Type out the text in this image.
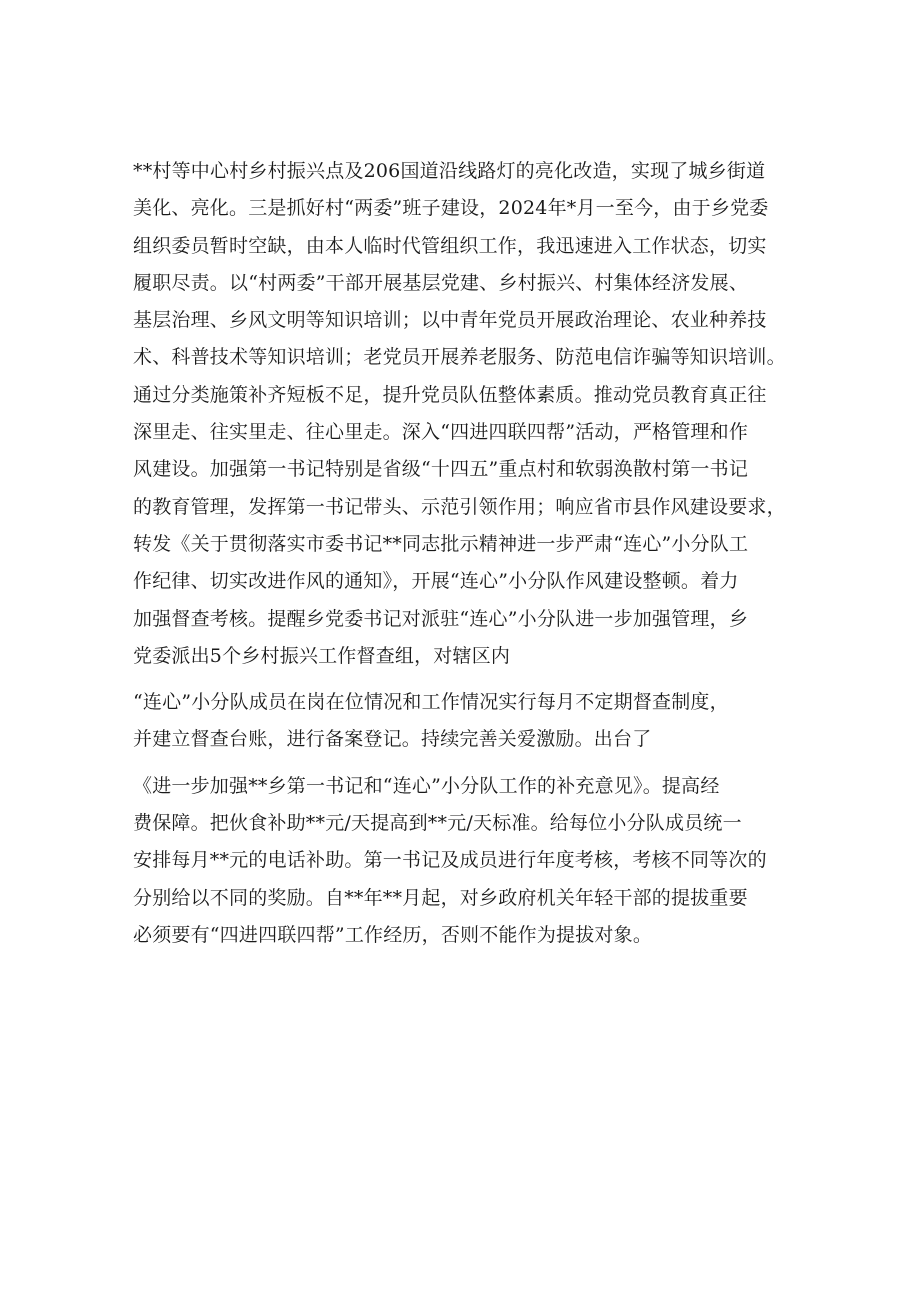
**村等中心村乡村振兴点及206国道沿线路灯的亮化改造，实现了城乡街道
美化、亮化。三是抓好村“两委”班子建设，2024年*月一至今，由于乡党委
组织委员暂时空缺，由本人临时代管组织工作，我迅速进入工作状态，切实
履职尽责。以“村两委”干部开展基层党建、乡村振兴、村集体经济发展、
基层治理、乡风文明等知识培训；以中青年党员开展政治理论、农业种养技
术、科普技术等知识培训；老党员开展养老服务、防范电信诈骗等知识培训。
通过分类施策补齐短板不足，提升党员队伍整体素质。推动党员教育真正往
深里走、往实里走、往心里走。深入“四进四联四帮”活动，严格管理和作
风建设。加强第一书记特别是省级“十四五”重点村和软弱涣散村第一书记
的教育管理，发挥第一书记带头、示范引领作用；响应省市县作风建设要求，
转发《关于贯彻落实市委书记**同志批示精神进一步严肃“连心”小分队工
作纪律、切实改进作风的通知》，开展“连心”小分队作风建设整顿。着力
加强督查考核。提醒乡党委书记对派驻“连心”小分队进一步加强管理，乡
党委派出5个乡村振兴工作督查组，对辖区内
“连心”小分队成员在岗在位情况和工作情况实行每月不定期督查制度，
并建立督查台账，进行备案登记。持续完善关爱激励。出台了
《进一步加强**乡第一书记和“连心”小分队工作的补充意见》。提高经
费保障。把伙食补助**元/天提高到**元/天标准。给每位小分队成员统一
安排每月**元的电话补助。第一书记及成员进行年度考核，考核不同等次的
分别给以不同的奖励。自**年**月起，对乡政府机关年轻干部的提拔重要
必须要有“四进四联四帮”工作经历，否则不能作为提拔对象。
